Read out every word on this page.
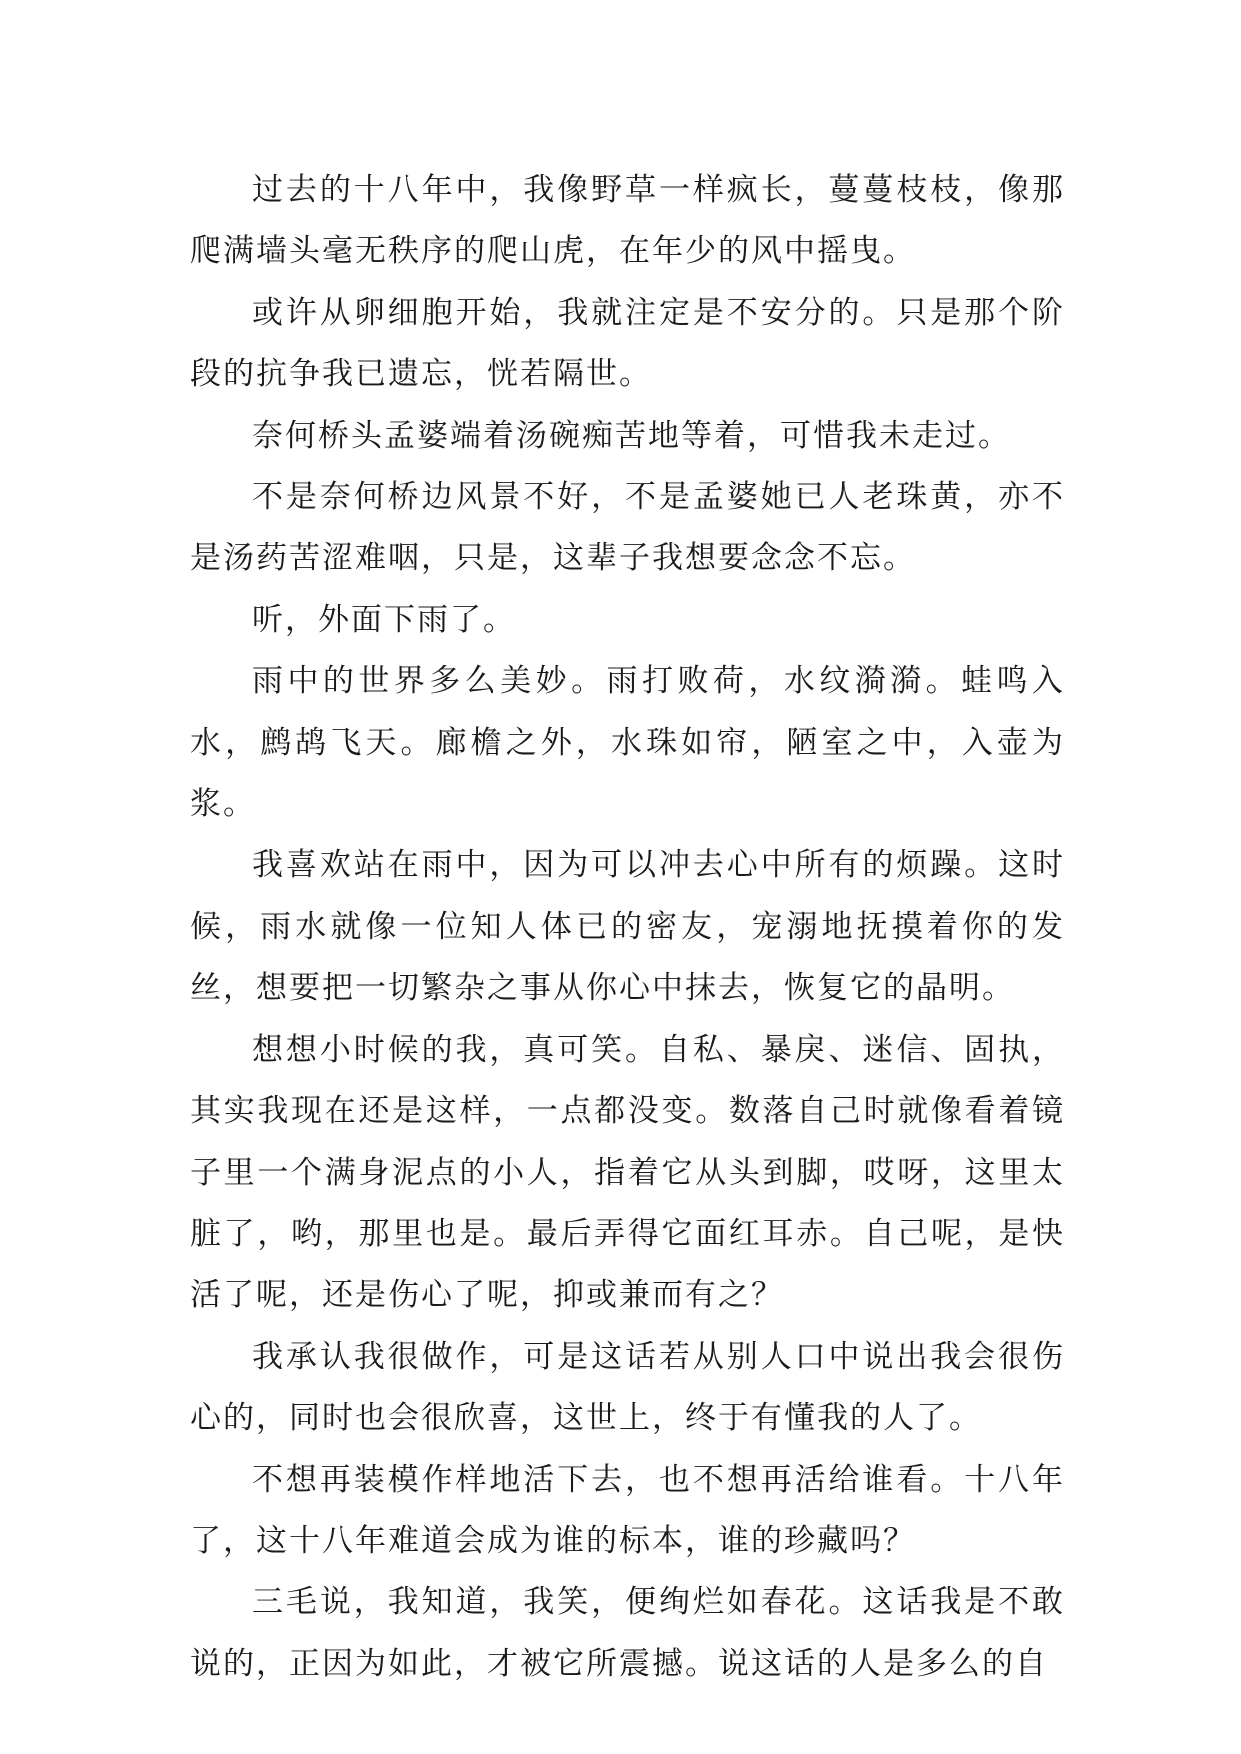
过去的十八年中，我像野草一样疯长，蔓蔓枝枝，像那爬满墙头毫无秩序的爬山虎，在年少的风中摇曳。

或许从卵细胞开始，我就注定是不安分的。只是那个阶段的抗争我已遗忘，恍若隔世。

奈何桥头孟婆端着汤碗痴苦地等着，可惜我未走过。

不是奈何桥边风景不好，不是孟婆她已人老珠黄，亦不是汤药苦涩难咽，只是，这辈子我想要念念不忘。

听，外面下雨了。

雨中的世界多么美妙。雨打败荷，水纹漪漪。蛙鸣入水，鹧鸪飞天。廊檐之外，水珠如帘，陋室之中，入壶为浆。

我喜欢站在雨中，因为可以冲去心中所有的烦躁。这时候，雨水就像一位知人体已的密友，宠溺地抚摸着你的发丝，想要把一切繁杂之事从你心中抹去，恢复它的晶明。

想想小时候的我，真可笑。自私、暴戾、迷信、固执，其实我现在还是这样，一点都没变。数落自己时就像看着镜子里一个满身泥点的小人，指着它从头到脚，哎呀，这里太脏了，哟，那里也是。最后弄得它面红耳赤。自己呢，是快活了呢，还是伤心了呢，抑或兼而有之？

我承认我很做作，可是这话若从别人口中说出我会很伤心的，同时也会很欣喜，这世上，终于有懂我的人了。

不想再装模作样地活下去，也不想再活给谁看。十八年了，这十八年难道会成为谁的标本，谁的珍藏吗？

三毛说，我知道，我笑，便绚烂如春花。这话我是不敢说的，正因为如此，才被它所震撼。说这话的人是多么的自
